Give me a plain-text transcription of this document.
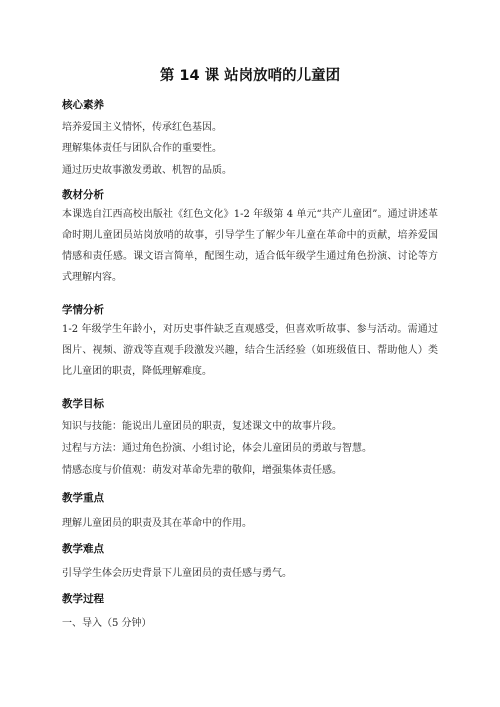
第 14 课 站岗放哨的儿童团
核心素养
培养爱国主义情怀，传承红色基因。
理解集体责任与团队合作的重要性。
通过历史故事激发勇敢、机智的品质。
教材分析
本课选自江西高校出版社《红色文化》1-2 年级第 4 单元“共产儿童团”。通过讲述革命时期儿童团员站岗放哨的故事，引导学生了解少年儿童在革命中的贡献，培养爱国情感和责任感。课文语言简单，配图生动，适合低年级学生通过角色扮演、讨论等方式理解内容。
学情分析
1-2 年级学生年龄小，对历史事件缺乏直观感受，但喜欢听故事、参与活动。需通过图片、视频、游戏等直观手段激发兴趣，结合生活经验（如班级值日、帮助他人）类比儿童团的职责，降低理解难度。
教学目标
知识与技能：能说出儿童团员的职责，复述课文中的故事片段。
过程与方法：通过角色扮演、小组讨论，体会儿童团员的勇敢与智慧。
情感态度与价值观：萌发对革命先辈的敬仰，增强集体责任感。
教学重点
理解儿童团员的职责及其在革命中的作用。
教学难点
引导学生体会历史背景下儿童团员的责任感与勇气。
教学过程
一、导入（5 分钟）
